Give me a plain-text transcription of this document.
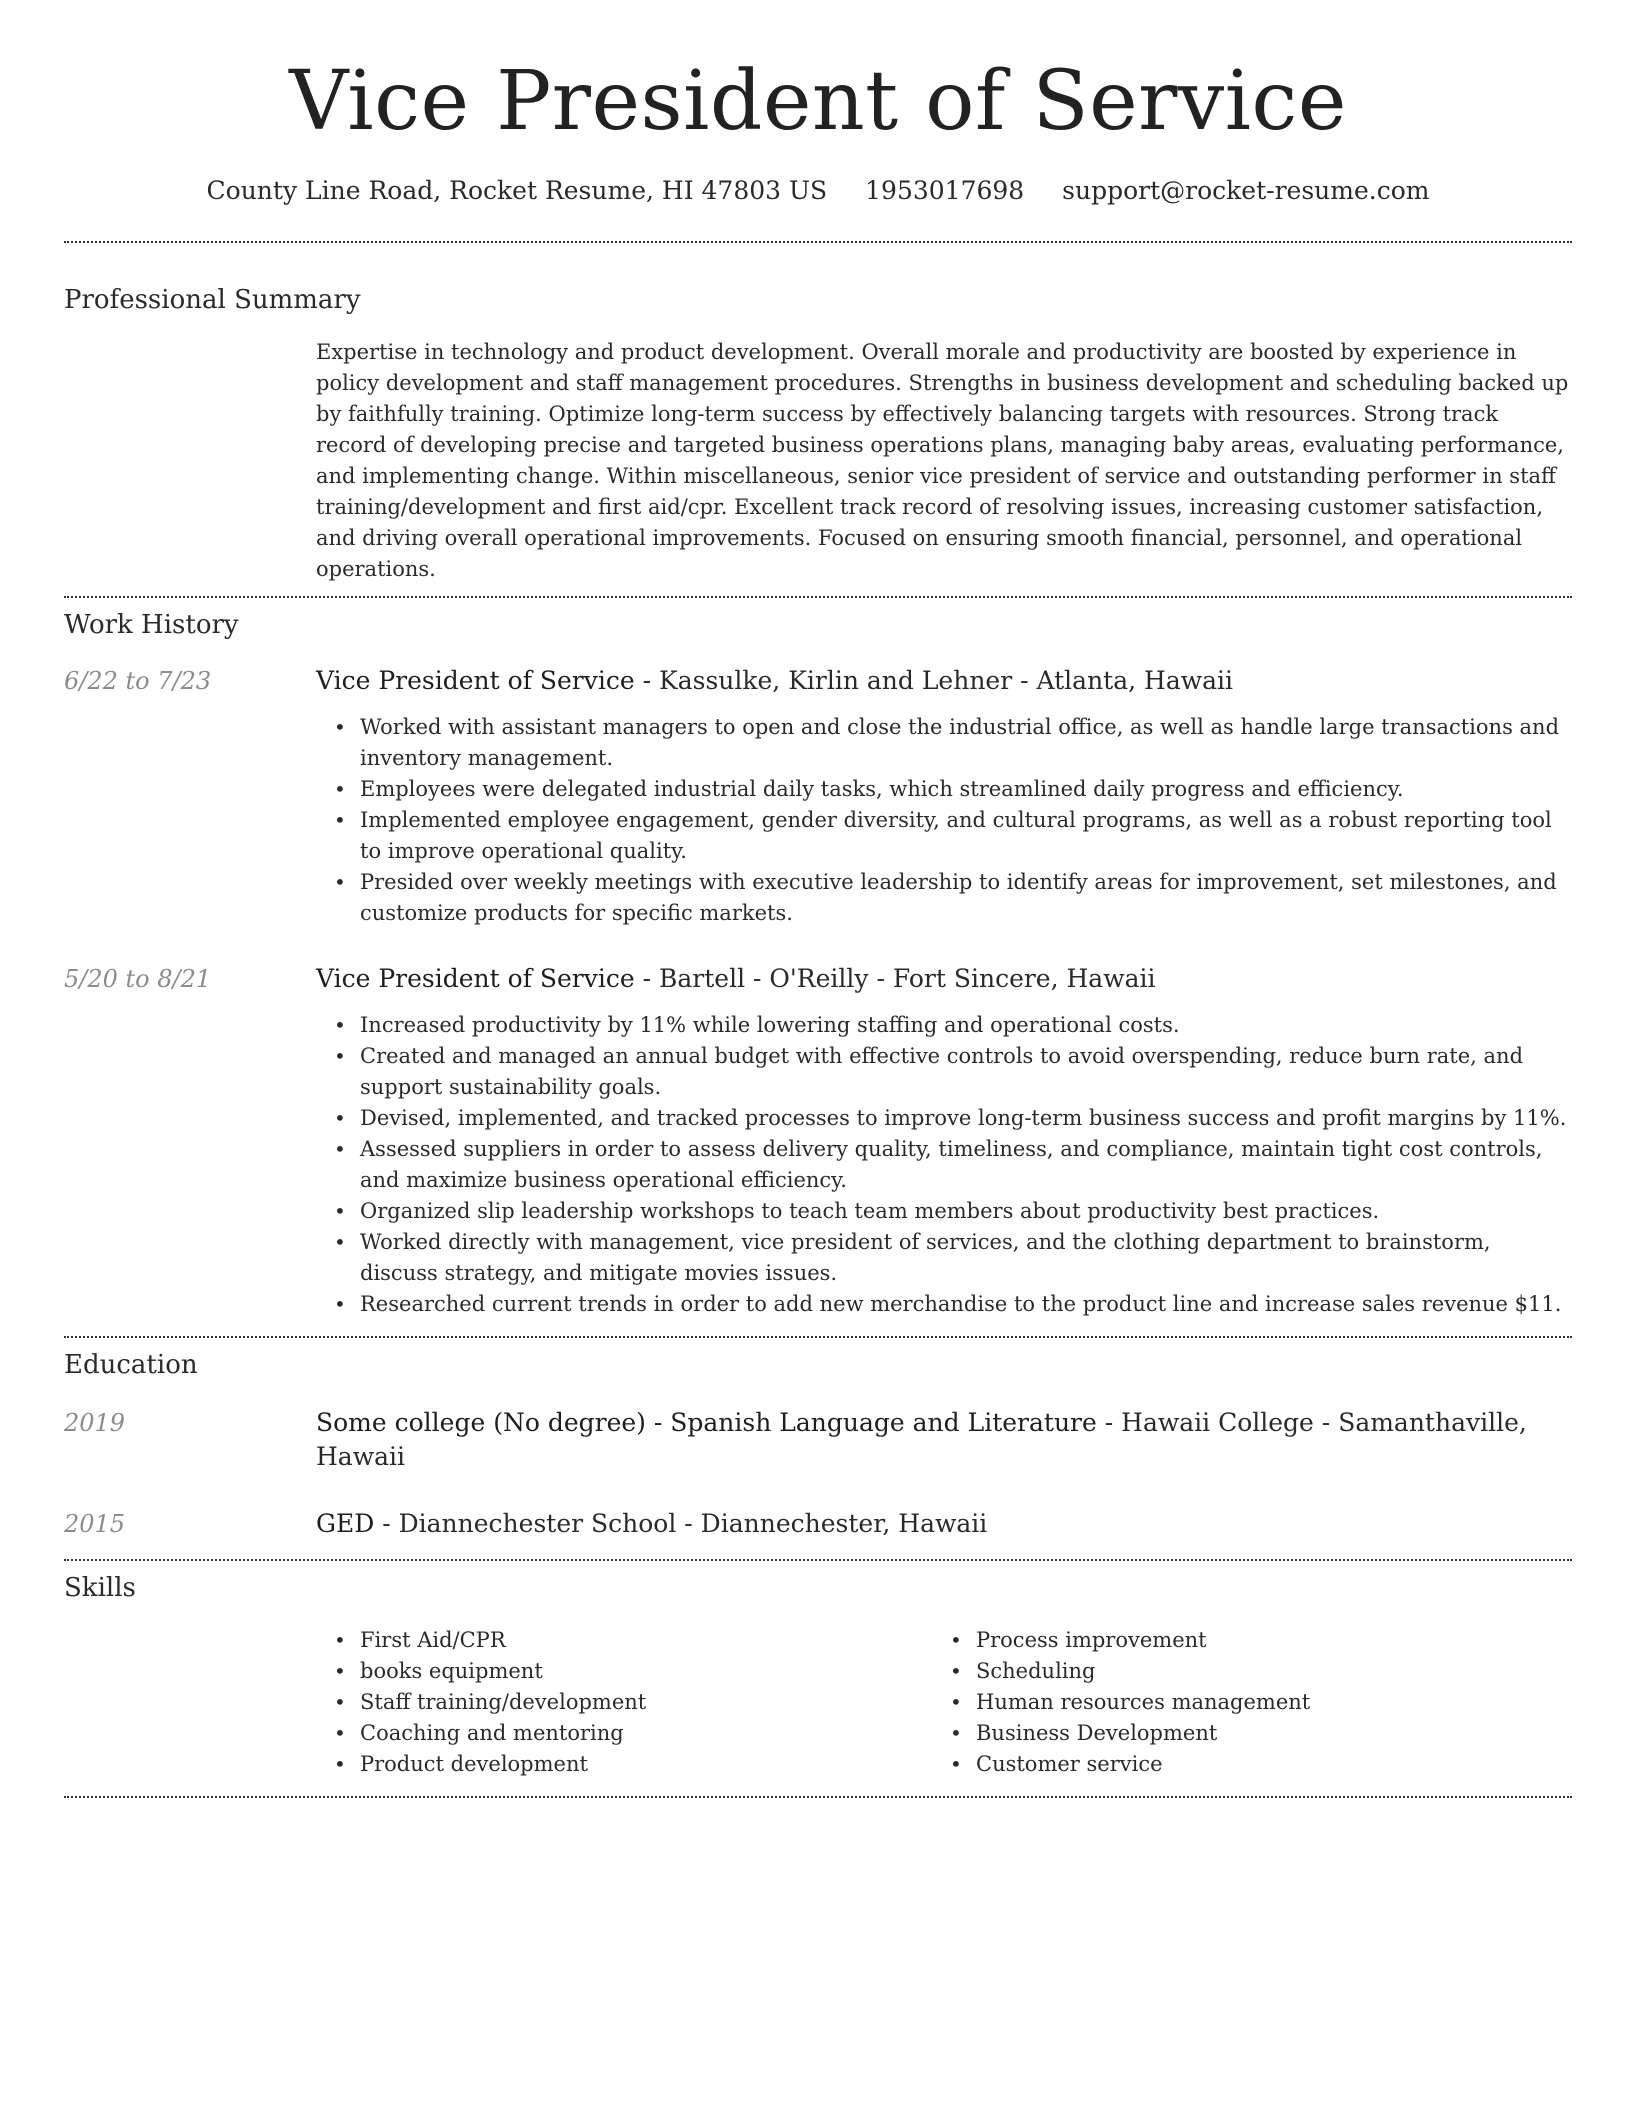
Vice President of Service
County Line Road, Rocket Resume, HI 47803 US 1953017698 support@rocket-resume.com
Professional Summary
Expertise in technology and product development. Overall morale and productivity are boosted by experience in policy development and staff management procedures. Strengths in business development and scheduling backed up by faithfully training. Optimize long-term success by effectively balancing targets with resources. Strong track record of developing precise and targeted business operations plans, managing baby areas, evaluating performance, and implementing change. Within miscellaneous, senior vice president of service and outstanding performer in staff training/development and first aid/cpr. Excellent track record of resolving issues, increasing customer satisfaction, and driving overall operational improvements. Focused on ensuring smooth financial, personnel, and operational operations.
Work History
6/22 to 7/23	Vice President of Service - Kassulke, Kirlin and Lehner - Atlanta, Hawaii
• Worked with assistant managers to open and close the industrial office, as well as handle large transactions and inventory management.
• Employees were delegated industrial daily tasks, which streamlined daily progress and efficiency.
• Implemented employee engagement, gender diversity, and cultural programs, as well as a robust reporting tool to improve operational quality.
• Presided over weekly meetings with executive leadership to identify areas for improvement, set milestones, and customize products for specific markets.
5/20 to 8/21	Vice President of Service - Bartell - O'Reilly - Fort Sincere, Hawaii
• Increased productivity by 11% while lowering staffing and operational costs.
• Created and managed an annual budget with effective controls to avoid overspending, reduce burn rate, and support sustainability goals.
• Devised, implemented, and tracked processes to improve long-term business success and profit margins by 11%.
• Assessed suppliers in order to assess delivery quality, timeliness, and compliance, maintain tight cost controls, and maximize business operational efficiency.
• Organized slip leadership workshops to teach team members about productivity best practices.
• Worked directly with management, vice president of services, and the clothing department to brainstorm, discuss strategy, and mitigate movies issues.
• Researched current trends in order to add new merchandise to the product line and increase sales revenue $11.
Education
2019	Some college (No degree) - Spanish Language and Literature - Hawaii College - Samanthaville, Hawaii
2015	GED - Diannechester School - Diannechester, Hawaii
Skills
• First Aid/CPR
• books equipment
• Staff training/development
• Coaching and mentoring
• Product development
• Process improvement
• Scheduling
• Human resources management
• Business Development
• Customer service
